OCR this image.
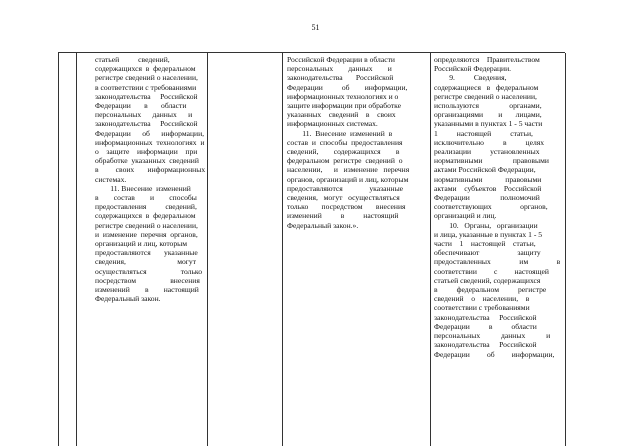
51
статьей          сведений,
содержащихся  в  федеральном
регистре сведений о населении,
в соответствии с требованиями
законодательства     Российской
Федерации       в       области
персональных      данных      и
законодательства     Российской
Федерации      об      информации,
информационных  технологиях  и
о    защите    информации    при
обработке  указанных  сведений
в         своих       информационных
системах.
11. Внесение  изменений
в        состав        и        способы
предоставления          сведений,
содержащихся  в  федеральном
регистре сведений о населении,
и  изменение  перечня  органов,
организаций и лиц, которым
предоставляются       указанные
сведения,                           могут
осуществляться                  только
посредством                  внесения
изменений        в        настоящий
Федеральный закон.
Российской Федерации в области
персональных        данных        и
законодательства       Российской
Федерации          об        информации,
информационных технологиях и о
защите информации при обработке
указанных    сведений    в    своих
информационных системах.
11.  Внесение  изменений  в
состав  и  способы  предоставления
сведений,        содержащихся        в
федеральном  регистре  сведений  о
населении,      и   изменение   перечня
органов, организаций и лиц, которым
предоставляются              указанные
сведения,   могут   осуществляться
только       посредством       внесения
изменений          в          настоящий
Федеральный закон.».
определяются    Правительством
Российской Федерации.
9.          Сведения,
содержащиеся   в   федеральном
регистре сведений о населении,
используются                органами,
организациями        и       лицами,
указанными в пунктах 1 - 5 части
1          настоящей          статьи,
исключительно          в          целях
реализации          установленных
нормативными                правовыми
актами Российской Федерации,
нормативными            правовыми
актами    субъектов    Российской
Федерации                полномочий
соответствующих               органов,
организаций и лиц.
10.   Органы,   организации
и лица, указанные в пунктах 1 - 5
части    1    настоящей    статьи,
обеспечивают                    защиту
предоставленных               им               в
соответствии         с         настоящей
статьей сведений, содержащихся
в          федеральном          регистре
сведений    о    населении,    в
соответствии с требованиями
законодательства     Российской
Федерации          в          области
персональных           данных           и
законодательства     Российской
Федерации         об         информации,
